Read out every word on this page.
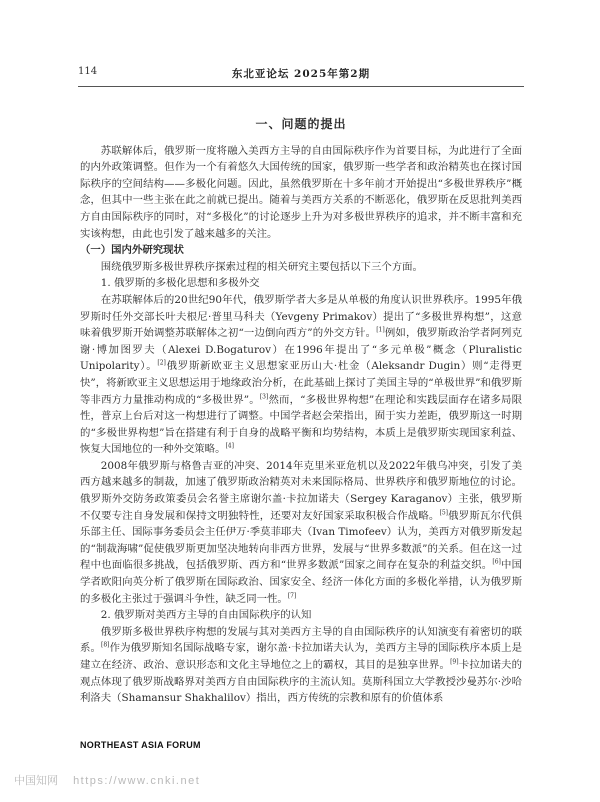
114	东北亚论坛 2025年第2期
一、问题的提出

苏联解体后，俄罗斯一度将融入美西方主导的自由国际秩序作为首要目标，为此进行了全面的内外政策调整。但作为一个有着悠久大国传统的国家，俄罗斯一些学者和政治精英也在探讨国际秩序的空间结构——多极化问题。因此，虽然俄罗斯在十多年前才开始提出“多极世界秩序”概念，但其中一些主张在此之前就已提出。随着与美西方关系的不断恶化，俄罗斯在反思批判美西方自由国际秩序的同时，对“多极化”的讨论逐步上升为对多极世界秩序的追求，并不断丰富和充实该构想，由此也引发了越来越多的关注。

（一）国内外研究现状

围绕俄罗斯多极世界秩序探索过程的相关研究主要包括以下三个方面。

1. 俄罗斯的多极化思想和多极外交

在苏联解体后的20世纪90年代，俄罗斯学者大多是从单极的角度认识世界秩序。1995年俄罗斯时任外交部长叶夫根尼·普里马科夫（Yevgeny Primakov）提出了“多极世界构想”，这意味着俄罗斯开始调整苏联解体之初“一边倒向西方”的外交方针。[1]例如，俄罗斯政治学者阿列克谢·博加图罗夫（Alexei D.Bogaturov）在1996年提出了“多元单极”概念（Pluralistic Unipolarity）。[2]俄罗斯新欧亚主义思想家亚历山大·杜金（Aleksandr Dugin）则“走得更快”，将新欧亚主义思想运用于地缘政治分析，在此基础上探讨了美国主导的“单极世界”和俄罗斯等非西方力量推动构成的“多极世界”。[3]然而，“多极世界构想”在理论和实践层面存在诸多局限性，普京上台后对这一构想进行了调整。中国学者赵会荣指出，囿于实力差距，俄罗斯这一时期的“多极世界构想”旨在搭建有利于自身的战略平衡和均势结构，本质上是俄罗斯实现国家利益、恢复大国地位的一种外交策略。[4]

2008年俄罗斯与格鲁吉亚的冲突、2014年克里米亚危机以及2022年俄乌冲突，引发了美西方越来越多的制裁，加速了俄罗斯政治精英对未来国际格局、世界秩序和俄罗斯地位的讨论。俄罗斯外交防务政策委员会名誉主席谢尔盖·卡拉加诺夫（Sergey Karaganov）主张，俄罗斯不仅要专注自身发展和保持文明独特性，还要对友好国家采取积极合作战略。[5]俄罗斯瓦尔代俱乐部主任、国际事务委员会主任伊万·季莫菲耶夫（Ivan Timofeev）认为，美西方对俄罗斯发起的“制裁海啸”促使俄罗斯更加坚决地转向非西方世界，发展与“世界多数派”的关系。但在这一过程中也面临很多挑战，包括俄罗斯、西方和“世界多数派”国家之间存在复杂的利益交织。[6]中国学者欧阳向英分析了俄罗斯在国际政治、国家安全、经济一体化方面的多极化举措，认为俄罗斯的多极化主张过于强调斗争性，缺乏同一性。[7]

2. 俄罗斯对美西方主导的自由国际秩序的认知

俄罗斯多极世界秩序构想的发展与其对美西方主导的自由国际秩序的认知演变有着密切的联系。[8]作为俄罗斯知名国际战略专家，谢尔盖·卡拉加诺夫认为，美西方主导的国际秩序本质上是建立在经济、政治、意识形态和文化主导地位之上的霸权，其目的是独享世界。[9]卡拉加诺夫的观点体现了俄罗斯战略界对美西方自由国际秩序的主流认知。莫斯科国立大学教授沙曼苏尔·沙哈利洛夫（Shamansur Shakhalilov）指出，西方传统的宗教和原有的价值体系

NORTHEAST ASIA FORUM
中国知网 https://www.cnki.net
